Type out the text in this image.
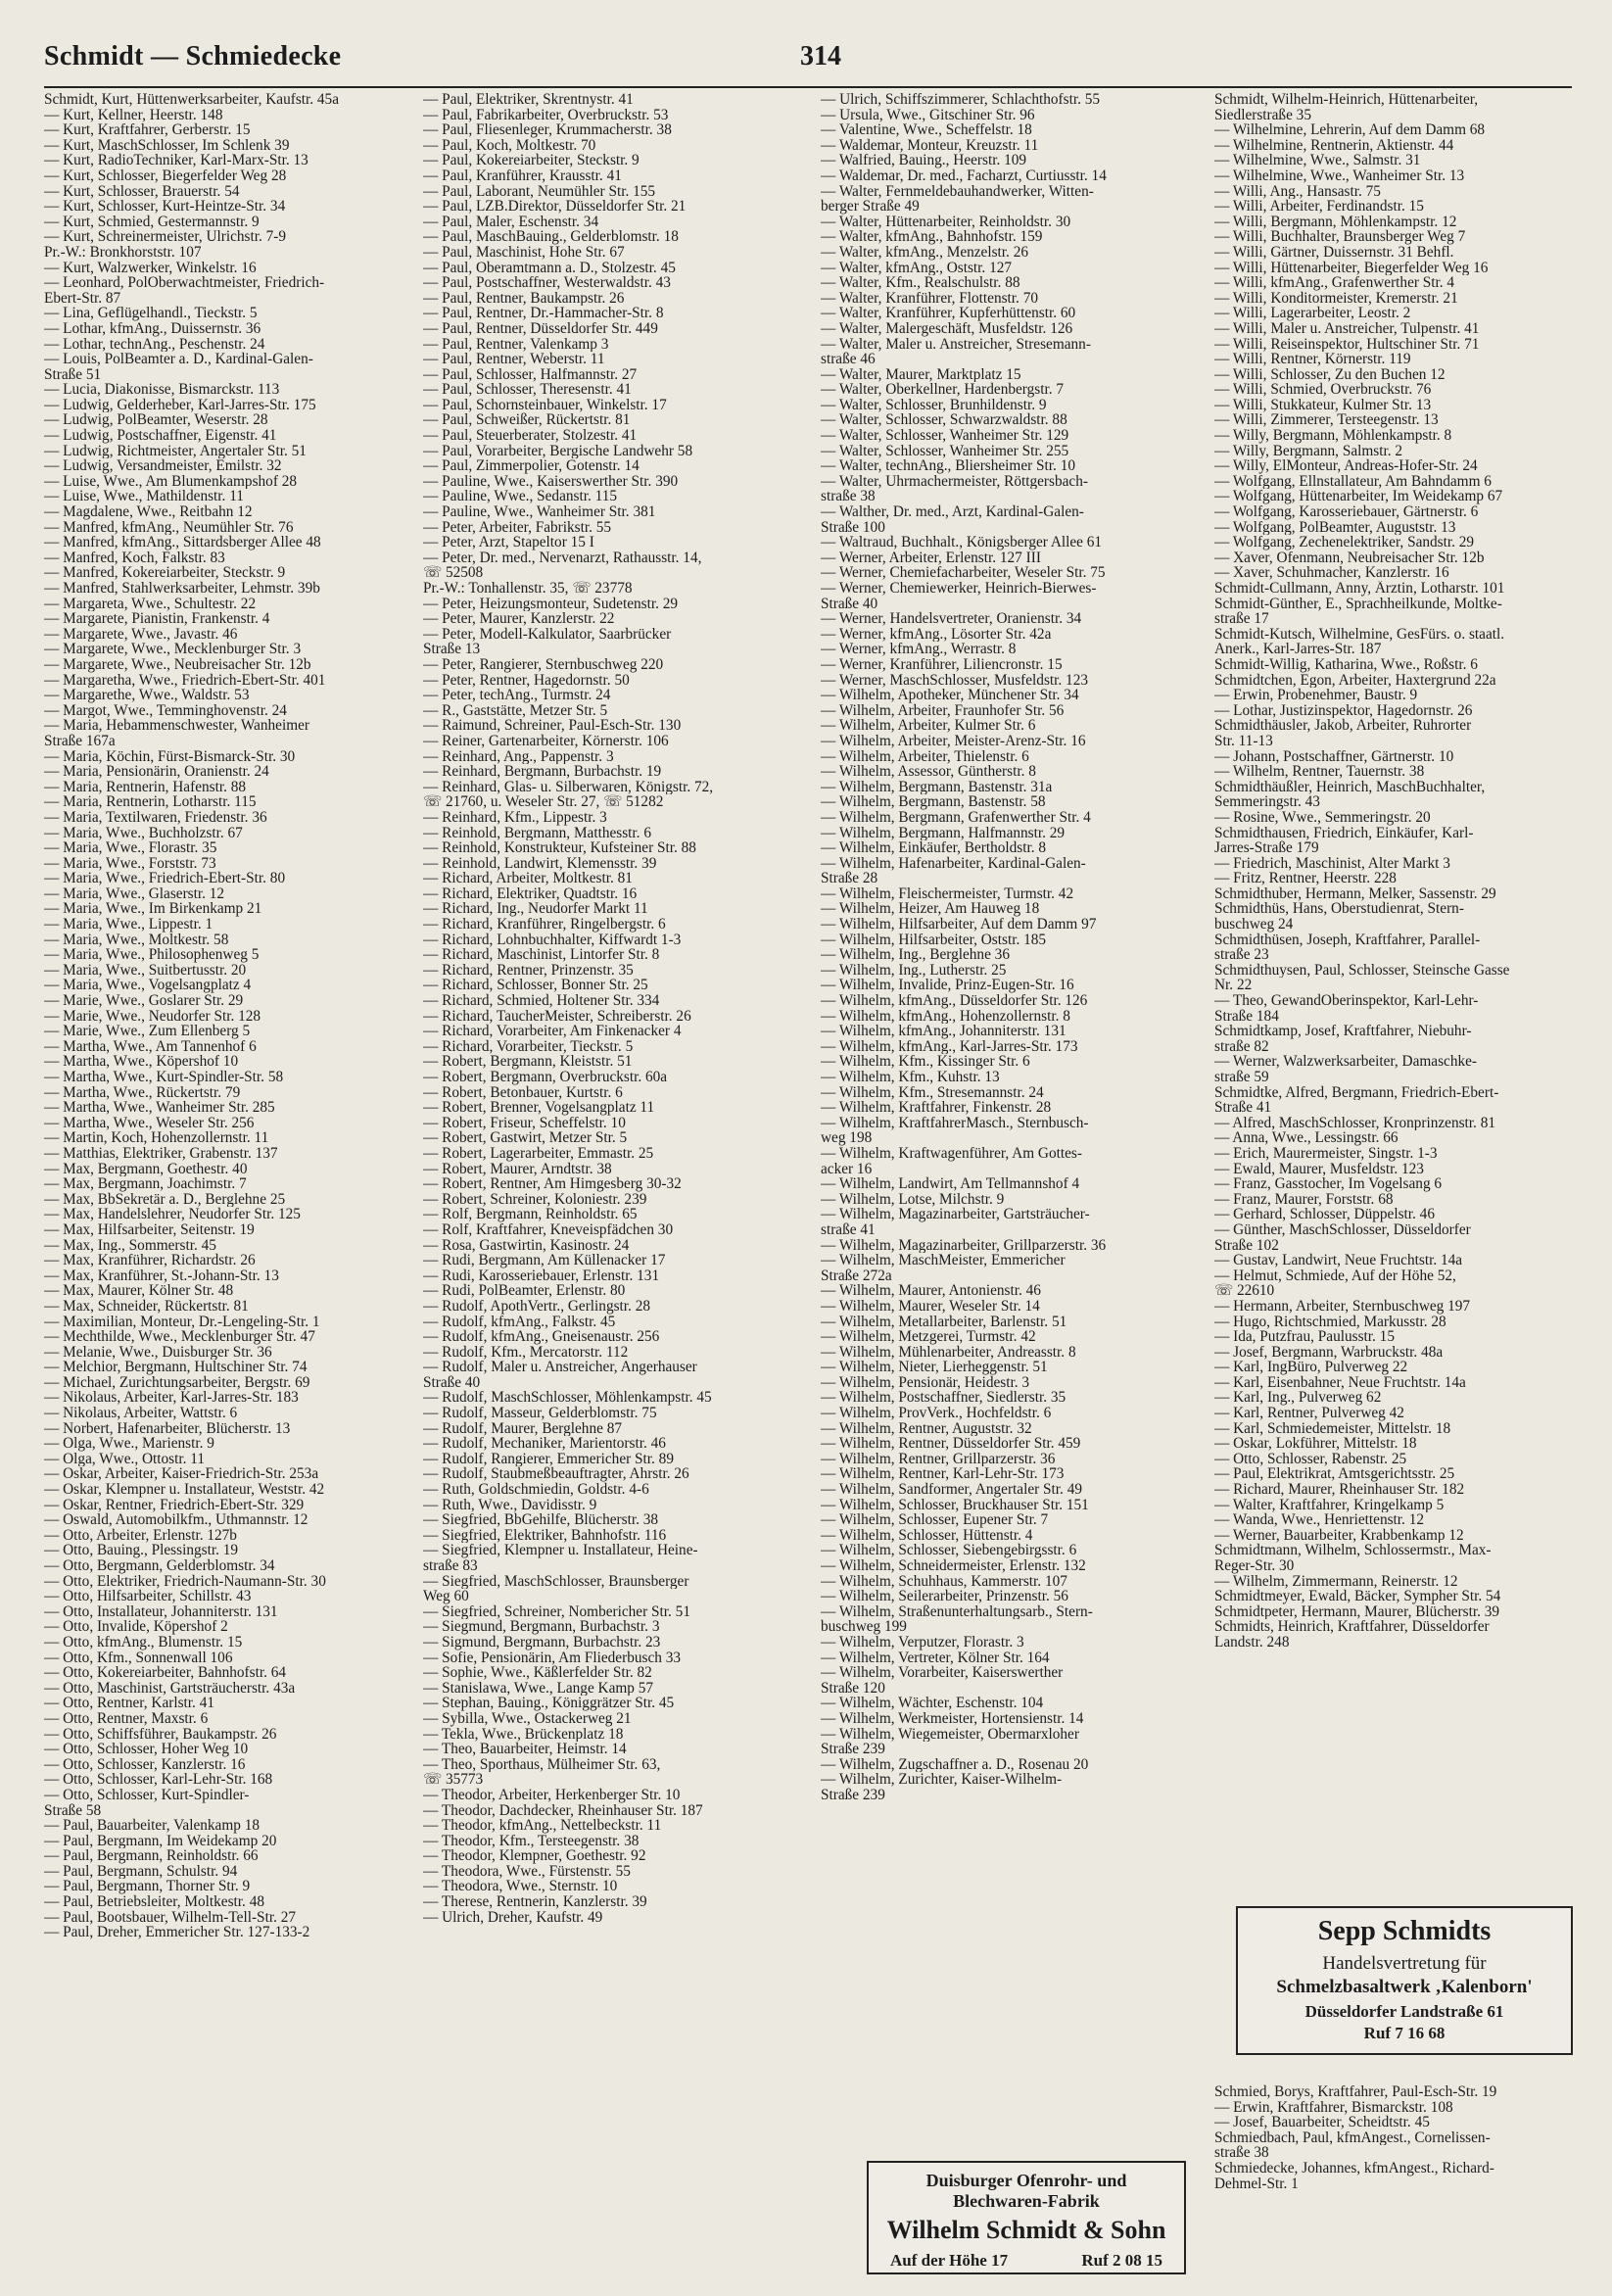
Schmidt — Schmiedecke	314
Schmidt, Kurt, Hüttenwerksarbeiter, Kaufstr. 45a
— Kurt, Kellner, Heerstr. 148
— Kurt, Kraftfahrer, Gerberstr. 15
— Kurt, MaschSchlosser, Im Schlenk 39
— Kurt, RadioTechniker, Karl-Marx-Str. 13
— Kurt, Schlosser, Biegerfelder Weg 28
— Kurt, Schlosser, Brauerstr. 54
— Kurt, Schlosser, Kurt-Heintze-Str. 34
— Kurt, Schmied, Gestermannstr. 9
— Kurt, Schreinermeister, Ulrichstr. 7-9
Pr.-W.: Bronkhorststr. 107
— Kurt, Walzwerker, Winkelstr. 16
— Leonhard, PolOberwachtmeister, Friedrich-
Ebert-Str. 87
— Lina, Geflügelhandl., Tieckstr. 5
— Lothar, kfmAng., Duissernstr. 36
— Lothar, technAng., Peschenstr. 24
— Louis, PolBeamter a. D., Kardinal-Galen-
Straße 51
— Lucia, Diakonisse, Bismarckstr. 113
— Ludwig, Gelderheber, Karl-Jarres-Str. 175
— Ludwig, PolBeamter, Weserstr. 28
— Ludwig, Postschaffner, Eigenstr. 41
— Ludwig, Richtmeister, Angertaler Str. 51
— Ludwig, Versandmeister, Emilstr. 32
— Luise, Wwe., Am Blumenkampshof 28
— Luise, Wwe., Mathildenstr. 11
— Magdalene, Wwe., Reitbahn 12
— Manfred, kfmAng., Neumühler Str. 76
— Manfred, kfmAng., Sittardsberger Allee 48
— Manfred, Koch, Falkstr. 83
— Manfred, Kokereiarbeiter, Steckstr. 9
— Manfred, Stahlwerksarbeiter, Lehmstr. 39b
— Margareta, Wwe., Schultestr. 22
— Margarete, Pianistin, Frankenstr. 4
— Margarete, Wwe., Javastr. 46
— Margarete, Wwe., Mecklenburger Str. 3
— Margarete, Wwe., Neubreisacher Str. 12b
— Margaretha, Wwe., Friedrich-Ebert-Str. 401
— Margarethe, Wwe., Waldstr. 53
— Margot, Wwe., Temminghovenstr. 24
— Maria, Hebammenschwester, Wanheimer
Straße 167a
— Maria, Köchin, Fürst-Bismarck-Str. 30
— Maria, Pensionärin, Oranienstr. 24
— Maria, Rentnerin, Hafenstr. 88
— Maria, Rentnerin, Lotharstr. 115
— Maria, Textilwaren, Friedenstr. 36
— Maria, Wwe., Buchholzstr. 67
— Maria, Wwe., Florastr. 35
— Maria, Wwe., Forststr. 73
— Maria, Wwe., Friedrich-Ebert-Str. 80
— Maria, Wwe., Glaserstr. 12
— Maria, Wwe., Im Birkenkamp 21
— Maria, Wwe., Lippestr. 1
— Maria, Wwe., Moltkestr. 58
— Maria, Wwe., Philosophenweg 5
— Maria, Wwe., Suitbertusstr. 20
— Maria, Wwe., Vogelsangplatz 4
— Marie, Wwe., Goslarer Str. 29
— Marie, Wwe., Neudorfer Str. 128
— Marie, Wwe., Zum Ellenberg 5
— Martha, Wwe., Am Tannenhof 6
— Martha, Wwe., Köpershof 10
— Martha, Wwe., Kurt-Spindler-Str. 58
— Martha, Wwe., Rückertstr. 79
— Martha, Wwe., Wanheimer Str. 285
— Martha, Wwe., Weseler Str. 256
— Martin, Koch, Hohenzollernstr. 11
— Matthias, Elektriker, Grabenstr. 137
— Max, Bergmann, Goethestr. 40
— Max, Bergmann, Joachimstr. 7
— Max, BbSekretär a. D., Berglehne 25
— Max, Handelslehrer, Neudorfer Str. 125
— Max, Hilfsarbeiter, Seitenstr. 19
— Max, Ing., Sommerstr. 45
— Max, Kranführer, Richardstr. 26
— Max, Kranführer, St.-Johann-Str. 13
— Max, Maurer, Kölner Str. 48
— Max, Schneider, Rückertstr. 81
— Maximilian, Monteur, Dr.-Lengeling-Str. 1
— Mechthilde, Wwe., Mecklenburger Str. 47
— Melanie, Wwe., Duisburger Str. 36
— Melchior, Bergmann, Hultschiner Str. 74
— Michael, Zurichtungsarbeiter, Bergstr. 69
— Nikolaus, Arbeiter, Karl-Jarres-Str. 183
— Nikolaus, Arbeiter, Wattstr. 6
— Norbert, Hafenarbeiter, Blücherstr. 13
— Olga, Wwe., Marienstr. 9
— Olga, Wwe., Ottostr. 11
— Oskar, Arbeiter, Kaiser-Friedrich-Str. 253a
— Oskar, Klempner u. Installateur, Weststr. 42
— Oskar, Rentner, Friedrich-Ebert-Str. 329
— Oswald, Automobilkfm., Uthmannstr. 12
— Otto, Arbeiter, Erlenstr. 127b
— Otto, Bauing., Plessingstr. 19
— Otto, Bergmann, Gelderblomstr. 34
— Otto, Elektriker, Friedrich-Naumann-Str. 30
— Otto, Hilfsarbeiter, Schillstr. 43
— Otto, Installateur, Johanniterstr. 131
— Otto, Invalide, Köpershof 2
— Otto, kfmAng., Blumenstr. 15
— Otto, Kfm., Sonnenwall 106
— Otto, Kokereiarbeiter, Bahnhofstr. 64
— Otto, Maschinist, Gartsträucherstr. 43a
— Otto, Rentner, Karlstr. 41
— Otto, Rentner, Maxstr. 6
— Otto, Schiffsführer, Baukampstr. 26
— Otto, Schlosser, Hoher Weg 10
— Otto, Schlosser, Kanzlerstr. 16
— Otto, Schlosser, Karl-Lehr-Str. 168
— Otto, Schlosser, Kurt-Spindler-
Straße 58
— Paul, Bauarbeiter, Valenkamp 18
— Paul, Bergmann, Im Weidekamp 20
— Paul, Bergmann, Reinholdstr. 66
— Paul, Bergmann, Schulstr. 94
— Paul, Bergmann, Thorner Str. 9
— Paul, Betriebsleiter, Moltkestr. 48
— Paul, Bootsbauer, Wilhelm-Tell-Str. 27
— Paul, Dreher, Emmericher Str. 127-133-2
— Paul, Elektriker, Skrentnystr. 41
— Paul, Fabrikarbeiter, Overbruckstr. 53
— Paul, Fliesenleger, Krummacherstr. 38
— Paul, Koch, Moltkestr. 70
— Paul, Kokereiarbeiter, Steckstr. 9
— Paul, Kranführer, Krausstr. 41
— Paul, Laborant, Neumühler Str. 155
— Paul, LZB.Direktor, Düsseldorfer Str. 21
— Paul, Maler, Eschenstr. 34
— Paul, MaschBauing., Gelderblomstr. 18
— Paul, Maschinist, Hohe Str. 67
— Paul, Oberamtmann a. D., Stolzestr. 45
— Paul, Postschaffner, Westerwaldstr. 43
— Paul, Rentner, Baukampstr. 26
— Paul, Rentner, Dr.-Hammacher-Str. 8
— Paul, Rentner, Düsseldorfer Str. 449
— Paul, Rentner, Valenkamp 3
— Paul, Rentner, Weberstr. 11
— Paul, Schlosser, Halfmannstr. 27
— Paul, Schlosser, Theresenstr. 41
— Paul, Schornsteinbauer, Winkelstr. 17
— Paul, Schweißer, Rückertstr. 81
— Paul, Steuerberater, Stolzestr. 41
— Paul, Vorarbeiter, Bergische Landwehr 58
— Paul, Zimmerpolier, Gotenstr. 14
— Pauline, Wwe., Kaiserswerther Str. 390
— Pauline, Wwe., Sedanstr. 115
— Pauline, Wwe., Wanheimer Str. 381
— Peter, Arbeiter, Fabrikstr. 55
— Peter, Arzt, Stapeltor 15 I
— Peter, Dr. med., Nervenarzt, Rathausstr. 14,
☏ 52508
Pr.-W.: Tonhallenstr. 35, ☏ 23778
— Peter, Heizungsmonteur, Sudetenstr. 29
— Peter, Maurer, Kanzlerstr. 22
— Peter, Modell-Kalkulator, Saarbrücker
Straße 13
— Peter, Rangierer, Sternbuschweg 220
— Peter, Rentner, Hagedornstr. 50
— Peter, techAng., Turmstr. 24
— R., Gaststätte, Metzer Str. 5
— Raimund, Schreiner, Paul-Esch-Str. 130
— Reiner, Gartenarbeiter, Körnerstr. 106
— Reinhard, Ang., Pappenstr. 3
— Reinhard, Bergmann, Burbachstr. 19
— Reinhard, Glas- u. Silberwaren, Königstr. 72,
☏ 21760, u. Weseler Str. 27, ☏ 51282
— Reinhard, Kfm., Lippestr. 3
— Reinhold, Bergmann, Matthesstr. 6
— Reinhold, Konstrukteur, Kufsteiner Str. 88
— Reinhold, Landwirt, Klemensstr. 39
— Richard, Arbeiter, Moltkestr. 81
— Richard, Elektriker, Quadtstr. 16
— Richard, Ing., Neudorfer Markt 11
— Richard, Kranführer, Ringelbergstr. 6
— Richard, Lohnbuchhalter, Kiffwardt 1-3
— Richard, Maschinist, Lintorfer Str. 8
— Richard, Rentner, Prinzenstr. 35
— Richard, Schlosser, Bonner Str. 25
— Richard, Schmied, Holtener Str. 334
— Richard, TaucherMeister, Schreiberstr. 26
— Richard, Vorarbeiter, Am Finkenacker 4
— Richard, Vorarbeiter, Tieckstr. 5
— Robert, Bergmann, Kleiststr. 51
— Robert, Bergmann, Overbruckstr. 60a
— Robert, Betonbauer, Kurtstr. 6
— Robert, Brenner, Vogelsangplatz 11
— Robert, Friseur, Scheffelstr. 10
— Robert, Gastwirt, Metzer Str. 5
— Robert, Lagerarbeiter, Emmastr. 25
— Robert, Maurer, Arndtstr. 38
— Robert, Rentner, Am Himgesberg 30-32
— Robert, Schreiner, Koloniestr. 239
— Rolf, Bergmann, Reinholdstr. 65
— Rolf, Kraftfahrer, Kneveispfädchen 30
— Rosa, Gastwirtin, Kasinostr. 24
— Rudi, Bergmann, Am Küllenacker 17
— Rudi, Karosseriebauer, Erlenstr. 131
— Rudi, PolBeamter, Erlenstr. 80
— Rudolf, ApothVertr., Gerlingstr. 28
— Rudolf, kfmAng., Falkstr. 45
— Rudolf, kfmAng., Gneisenaustr. 256
— Rudolf, Kfm., Mercatorstr. 112
— Rudolf, Maler u. Anstreicher, Angerhauser
Straße 40
— Rudolf, MaschSchlosser, Möhlenkampstr. 45
— Rudolf, Masseur, Gelderblomstr. 75
— Rudolf, Maurer, Berglehne 87
— Rudolf, Mechaniker, Marientorstr. 46
— Rudolf, Rangierer, Emmericher Str. 89
— Rudolf, Staubmeßbeauftragter, Ahrstr. 26
— Ruth, Goldschmiedin, Goldstr. 4-6
— Ruth, Wwe., Davidisstr. 9
— Siegfried, BbGehilfe, Blücherstr. 38
— Siegfried, Elektriker, Bahnhofstr. 116
— Siegfried, Klempner u. Installateur, Heine-
straße 83
— Siegfried, MaschSchlosser, Braunsberger
Weg 60
— Siegfried, Schreiner, Nombericher Str. 51
— Siegmund, Bergmann, Burbachstr. 3
— Sigmund, Bergmann, Burbachstr. 23
— Sofie, Pensionärin, Am Fliederbusch 33
— Sophie, Wwe., Käßlerfelder Str. 82
— Stanislawa, Wwe., Lange Kamp 57
— Stephan, Bauing., Königgrätzer Str. 45
— Sybilla, Wwe., Ostackerweg 21
— Tekla, Wwe., Brückenplatz 18
— Theo, Bauarbeiter, Heimstr. 14
— Theo, Sporthaus, Mülheimer Str. 63,
☏ 35773
— Theodor, Arbeiter, Herkenberger Str. 10
— Theodor, Dachdecker, Rheinhauser Str. 187
— Theodor, kfmAng., Nettelbeckstr. 11
— Theodor, Kfm., Tersteegenstr. 38
— Theodor, Klempner, Goethestr. 92
— Theodora, Wwe., Fürstenstr. 55
— Theodora, Wwe., Sternstr. 10
— Therese, Rentnerin, Kanzlerstr. 39
— Ulrich, Dreher, Kaufstr. 49
— Ulrich, Schiffszimmerer, Schlachthofstr. 55
— Ursula, Wwe., Gitschiner Str. 96
— Valentine, Wwe., Scheffelstr. 18
— Waldemar, Monteur, Kreuzstr. 11
— Walfried, Bauing., Heerstr. 109
— Waldemar, Dr. med., Facharzt, Curtiusstr. 14
— Walter, Fernmeldebauhandwerker, Witten-
berger Straße 49
— Walter, Hüttenarbeiter, Reinholdstr. 30
— Walter, kfmAng., Bahnhofstr. 159
— Walter, kfmAng., Menzelstr. 26
— Walter, kfmAng., Oststr. 127
— Walter, Kfm., Realschulstr. 88
— Walter, Kranführer, Flottenstr. 70
— Walter, Kranführer, Kupferhüttenstr. 60
— Walter, Malergeschäft, Musfeldstr. 126
— Walter, Maler u. Anstreicher, Stresemann-
straße 46
— Walter, Maurer, Marktplatz 15
— Walter, Oberkellner, Hardenbergstr. 7
— Walter, Schlosser, Brunhildenstr. 9
— Walter, Schlosser, Schwarzwaldstr. 88
— Walter, Schlosser, Wanheimer Str. 129
— Walter, Schlosser, Wanheimer Str. 255
— Walter, technAng., Bliersheimer Str. 10
— Walter, Uhrmachermeister, Röttgersbach-
straße 38
— Walther, Dr. med., Arzt, Kardinal-Galen-
Straße 100
— Waltraud, Buchhalt., Königsberger Allee 61
— Werner, Arbeiter, Erlenstr. 127 III
— Werner, Chemiefacharbeiter, Weseler Str. 75
— Werner, Chemiewerker, Heinrich-Bierwes-
Straße 40
— Werner, Handelsvertreter, Oranienstr. 34
— Werner, kfmAng., Lösorter Str. 42a
— Werner, kfmAng., Werrastr. 8
— Werner, Kranführer, Liliencronstr. 15
— Werner, MaschSchlosser, Musfeldstr. 123
— Wilhelm, Apotheker, Münchener Str. 34
— Wilhelm, Arbeiter, Fraunhofer Str. 56
— Wilhelm, Arbeiter, Kulmer Str. 6
— Wilhelm, Arbeiter, Meister-Arenz-Str. 16
— Wilhelm, Arbeiter, Thielenstr. 6
— Wilhelm, Assessor, Güntherstr. 8
— Wilhelm, Bergmann, Bastenstr. 31a
— Wilhelm, Bergmann, Bastenstr. 58
— Wilhelm, Bergmann, Grafenwerther Str. 4
— Wilhelm, Bergmann, Halfmannstr. 29
— Wilhelm, Einkäufer, Bertholdstr. 8
— Wilhelm, Hafenarbeiter, Kardinal-Galen-
Straße 28
— Wilhelm, Fleischermeister, Turmstr. 42
— Wilhelm, Heizer, Am Hauweg 18
— Wilhelm, Hilfsarbeiter, Auf dem Damm 97
— Wilhelm, Hilfsarbeiter, Oststr. 185
— Wilhelm, Ing., Berglehne 36
— Wilhelm, Ing., Lutherstr. 25
— Wilhelm, Invalide, Prinz-Eugen-Str. 16
— Wilhelm, kfmAng., Düsseldorfer Str. 126
— Wilhelm, kfmAng., Hohenzollernstr. 8
— Wilhelm, kfmAng., Johanniterstr. 131
— Wilhelm, kfmAng., Karl-Jarres-Str. 173
— Wilhelm, Kfm., Kissinger Str. 6
— Wilhelm, Kfm., Kuhstr. 13
— Wilhelm, Kfm., Stresemannstr. 24
— Wilhelm, Kraftfahrer, Finkenstr. 28
— Wilhelm, KraftfahrerMasch., Sternbusch-
weg 198
— Wilhelm, Kraftwagenführer, Am Gottes-
acker 16
— Wilhelm, Landwirt, Am Tellmannshof 4
— Wilhelm, Lotse, Milchstr. 9
— Wilhelm, Magazinarbeiter, Gartsträucher-
straße 41
— Wilhelm, Magazinarbeiter, Grillparzerstr. 36
— Wilhelm, MaschMeister, Emmericher
Straße 272a
— Wilhelm, Maurer, Antonienstr. 46
— Wilhelm, Maurer, Weseler Str. 14
— Wilhelm, Metallarbeiter, Barlenstr. 51
— Wilhelm, Metzgerei, Turmstr. 42
— Wilhelm, Mühlenarbeiter, Andreasstr. 8
— Wilhelm, Nieter, Lierheggenstr. 51
— Wilhelm, Pensionär, Heidestr. 3
— Wilhelm, Postschaffner, Siedlerstr. 35
— Wilhelm, ProvVerk., Hochfeldstr. 6
— Wilhelm, Rentner, Auguststr. 32
— Wilhelm, Rentner, Düsseldorfer Str. 459
— Wilhelm, Rentner, Grillparzerstr. 36
— Wilhelm, Rentner, Karl-Lehr-Str. 173
— Wilhelm, Sandformer, Angertaler Str. 49
— Wilhelm, Schlosser, Bruckhauser Str. 151
— Wilhelm, Schlosser, Eupener Str. 7
— Wilhelm, Schlosser, Hüttenstr. 4
— Wilhelm, Schlosser, Siebengebirgsstr. 6
— Wilhelm, Schneidermeister, Erlenstr. 132
— Wilhelm, Schuhhaus, Kammerstr. 107
— Wilhelm, Seilerarbeiter, Prinzenstr. 56
— Wilhelm, Straßenunterhaltungsarb., Stern-
buschweg 199
— Wilhelm, Verputzer, Florastr. 3
— Wilhelm, Vertreter, Kölner Str. 164
— Wilhelm, Vorarbeiter, Kaiserswerther
Straße 120
— Wilhelm, Wächter, Eschenstr. 104
— Wilhelm, Werkmeister, Hortensienstr. 14
— Wilhelm, Wiegemeister, Obermarxloher
Straße 239
— Wilhelm, Zugschaffner a. D., Rosenau 20
— Wilhelm, Zurichter, Kaiser-Wilhelm-
Straße 239
Schmidt, Wilhelm-Heinrich, Hüttenarbeiter,
Siedlerstraße 35
— Wilhelmine, Lehrerin, Auf dem Damm 68
— Wilhelmine, Rentnerin, Aktienstr. 44
— Wilhelmine, Wwe., Salmstr. 31
— Wilhelmine, Wwe., Wanheimer Str. 13
— Willi, Ang., Hansastr. 75
— Willi, Arbeiter, Ferdinandstr. 15
— Willi, Bergmann, Möhlenkampstr. 12
— Willi, Buchhalter, Braunsberger Weg 7
— Willi, Gärtner, Duissernstr. 31 Behfl.
— Willi, Hüttenarbeiter, Biegerfelder Weg 16
— Willi, kfmAng., Grafenwerther Str. 4
— Willi, Konditormeister, Kremerstr. 21
— Willi, Lagerarbeiter, Leostr. 2
— Willi, Maler u. Anstreicher, Tulpenstr. 41
— Willi, Reiseinspektor, Hultschiner Str. 71
— Willi, Rentner, Körnerstr. 119
— Willi, Schlosser, Zu den Buchen 12
— Willi, Schmied, Overbruckstr. 76
— Willi, Stukkateur, Kulmer Str. 13
— Willi, Zimmerer, Tersteegenstr. 13
— Willy, Bergmann, Möhlenkampstr. 8
— Willy, Bergmann, Salmstr. 2
— Willy, ElMonteur, Andreas-Hofer-Str. 24
— Wolfgang, Ellnstallateur, Am Bahndamm 6
— Wolfgang, Hüttenarbeiter, Im Weidekamp 67
— Wolfgang, Karosseriebauer, Gärtnerstr. 6
— Wolfgang, PolBeamter, Auguststr. 13
— Wolfgang, Zechenelektriker, Sandstr. 29
— Xaver, Ofenmann, Neubreisacher Str. 12b
— Xaver, Schuhmacher, Kanzlerstr. 16
Schmidt-Cullmann, Anny, Ärztin, Lotharstr. 101
Schmidt-Günther, E., Sprachheilkunde, Moltke-
straße 17
Schmidt-Kutsch, Wilhelmine, GesFürs. o. staatl.
Anerk., Karl-Jarres-Str. 187
Schmidt-Willig, Katharina, Wwe., Roßstr. 6
Schmidtchen, Egon, Arbeiter, Haxtergrund 22a
— Erwin, Probenehmer, Baustr. 9
— Lothar, Justizinspektor, Hagedornstr. 26
Schmidthäusler, Jakob, Arbeiter, Ruhrorter
Str. 11-13
— Johann, Postschaffner, Gärtnerstr. 10
— Wilhelm, Rentner, Tauernstr. 38
Schmidthäußler, Heinrich, MaschBuchhalter,
Semmeringstr. 43
— Rosine, Wwe., Semmeringstr. 20
Schmidthausen, Friedrich, Einkäufer, Karl-
Jarres-Straße 179
— Friedrich, Maschinist, Alter Markt 3
— Fritz, Rentner, Heerstr. 228
Schmidthuber, Hermann, Melker, Sassenstr. 29
Schmidthüs, Hans, Oberstudienrat, Stern-
buschweg 24
Schmidthüsen, Joseph, Kraftfahrer, Parallel-
straße 23
Schmidthuysen, Paul, Schlosser, Steinsche Gasse
Nr. 22
— Theo, GewandOberinspektor, Karl-Lehr-
Straße 184
Schmidtkamp, Josef, Kraftfahrer, Niebuhr-
straße 82
— Werner, Walzwerksarbeiter, Damaschke-
straße 59
Schmidtke, Alfred, Bergmann, Friedrich-Ebert-
Straße 41
— Alfred, MaschSchlosser, Kronprinzenstr. 81
— Anna, Wwe., Lessingstr. 66
— Erich, Maurermeister, Singstr. 1-3
— Ewald, Maurer, Musfeldstr. 123
— Franz, Gasstocher, Im Vogelsang 6
— Franz, Maurer, Forststr. 68
— Gerhard, Schlosser, Düppelstr. 46
— Günther, MaschSchlosser, Düsseldorfer
Straße 102
— Gustav, Landwirt, Neue Fruchtstr. 14a
— Helmut, Schmiede, Auf der Höhe 52,
☏ 22610
— Hermann, Arbeiter, Sternbuschweg 197
— Hugo, Richtschmied, Markusstr. 28
— Ida, Putzfrau, Paulusstr. 15
— Josef, Bergmann, Warbruckstr. 48a
— Karl, IngBüro, Pulverweg 22
— Karl, Eisenbahner, Neue Fruchtstr. 14a
— Karl, Ing., Pulverweg 62
— Karl, Rentner, Pulverweg 42
— Karl, Schmiedemeister, Mittelstr. 18
— Oskar, Lokführer, Mittelstr. 18
— Otto, Schlosser, Rabenstr. 25
— Paul, Elektrikrat, Amtsgerichtsstr. 25
— Richard, Maurer, Rheinhauser Str. 182
— Walter, Kraftfahrer, Kringelkamp 5
— Wanda, Wwe., Henriettenstr. 12
— Werner, Bauarbeiter, Krabbenkamp 12
Schmidtmann, Wilhelm, Schlossermstr., Max-
Reger-Str. 30
— Wilhelm, Zimmermann, Reinerstr. 12
Schmidtmeyer, Ewald, Bäcker, Sympher Str. 54
Schmidtpeter, Hermann, Maurer, Blücherstr. 39
Schmidts, Heinrich, Kraftfahrer, Düsseldorfer
Landstr. 248
Schmied, Borys, Kraftfahrer, Paul-Esch-Str. 19
— Erwin, Kraftfahrer, Bismarckstr. 108
— Josef, Bauarbeiter, Scheidtstr. 45
Schmiedbach, Paul, kfmAngest., Cornelissen-
straße 38
Schmiedecke, Johannes, kfmAngest., Richard-
Dehmel-Str. 1
Sepp Schmidts
Handelsvertretung für
Schmelzbasaltwerk ‚Kalenborn'
Düsseldorfer Landstraße 61
Ruf 7 16 68
Duisburger Ofenrohr- und
Blechwaren-Fabrik
Wilhelm Schmidt & Sohn
Auf der Höhe 17	Ruf 2 08 15
